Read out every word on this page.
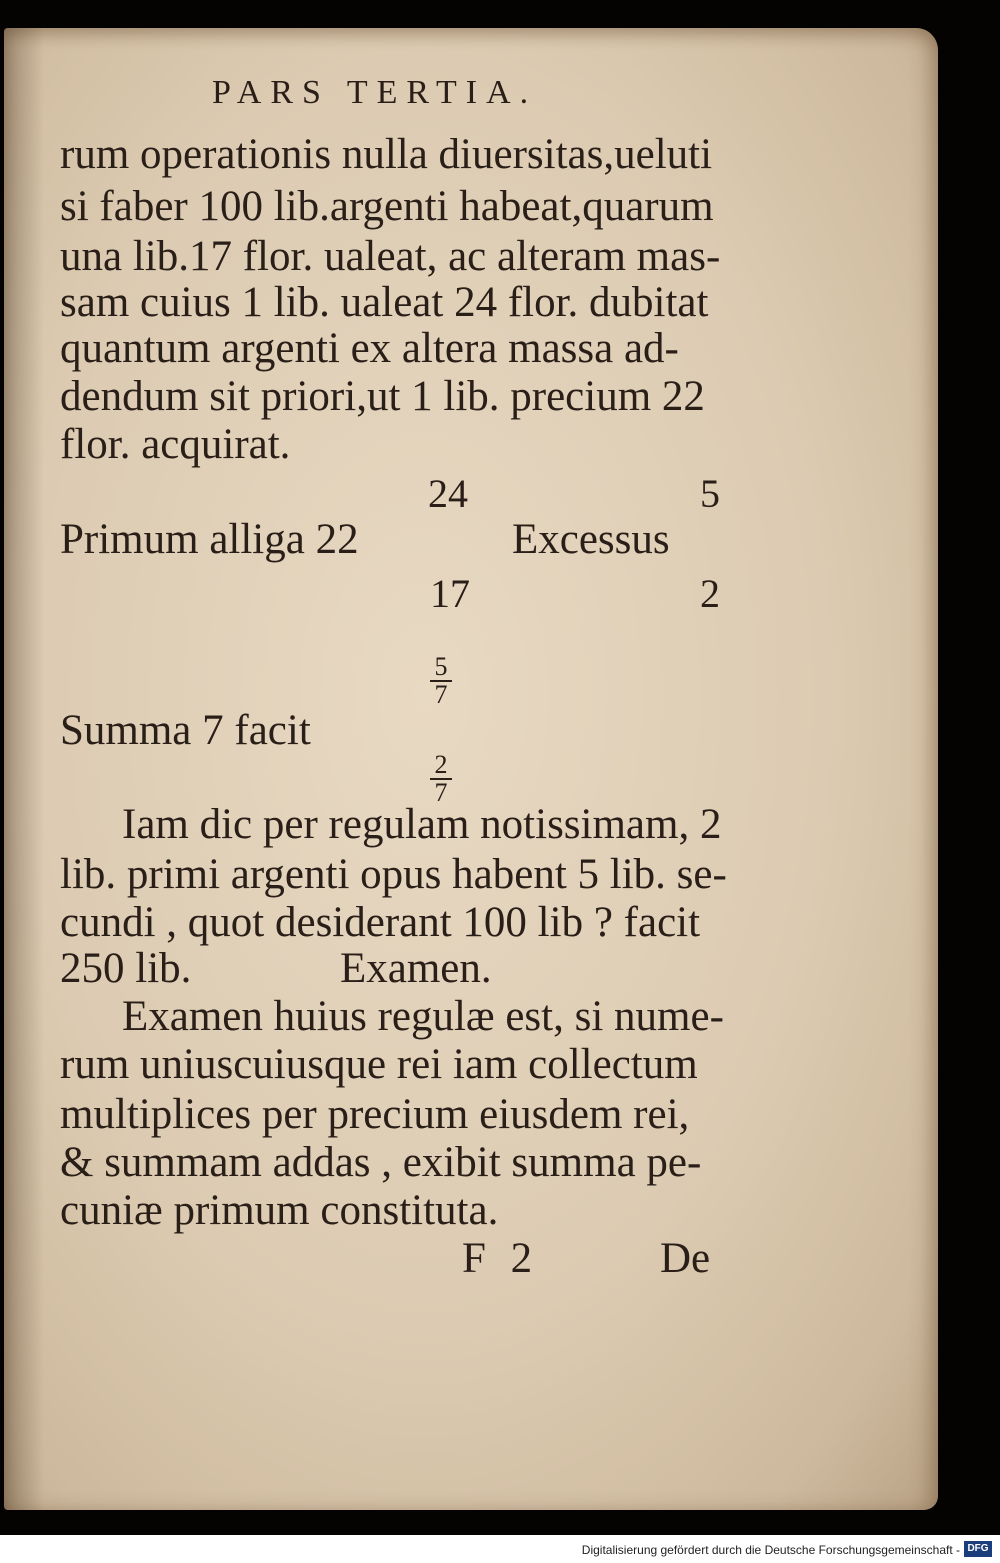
PARS TERTIA.
rum operationis nulla diuersitas,ueluti
si faber 100 lib.argenti habeat,quarum
una lib.17 flor. ualeat, ac alteram mas-
sam cuius 1 lib. ualeat 24 flor. dubitat
quantum argenti ex altera massa ad-
dendum sit priori,ut 1 lib. precium 22
flor. acquirat.
24	5
Primum alliga 22	Excessus
17	2
5
7
Summa 7 facit
2
7
Iam dic per regulam notissimam, 2
lib. primi argenti opus habent 5 lib. se-
cundi , quot desiderant 100 lib ? facit
250 lib.	Examen.
Examen huius regulæ est, si nume-
rum uniuscuiusque rei iam collectum
multiplices per precium eiusdem rei,
& summam addas , exibit summa pe-
cuniæ primum constituta.
F 2	De
Digitalisierung gefördert durch die Deutsche Forschungsgemeinschaft - DFG
